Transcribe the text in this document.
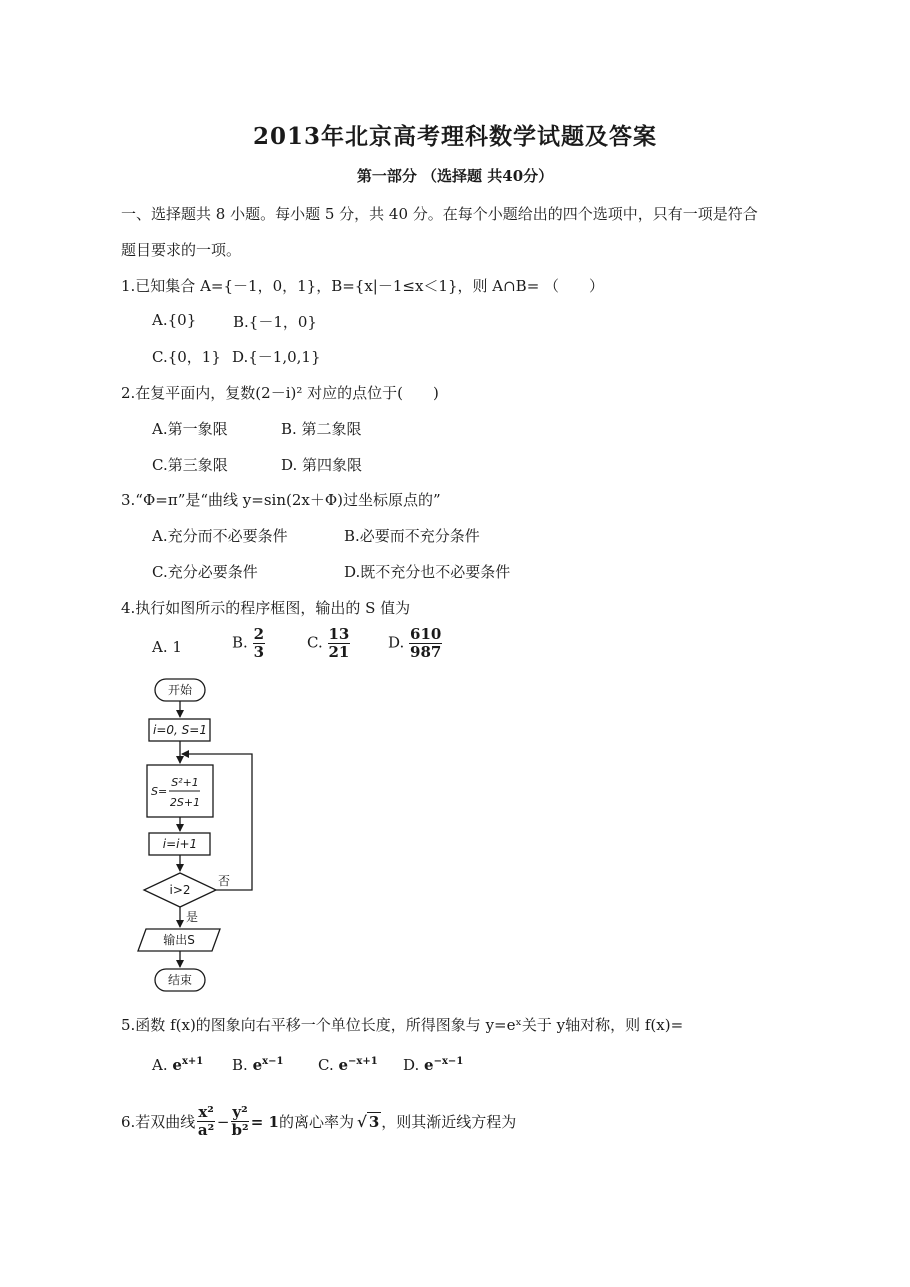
2013年北京高考理科数学试题及答案
第一部分 （选择题 共40分）
一、选择题共 8 小题。每小题 5 分，共 40 分。在每个小题给出的四个选项中，只有一项是符合
题目要求的一项。
1.已知集合 A={－1，0，1}，B={x|－1≤x＜1}，则 A∩B= （　　）
A.{0} B.{－1，0}
C.{0，1} D.{－1,0,1}
2.在复平面内，复数(2－i)² 对应的点位于(　　)
A.第一象限	B. 第二象限
C.第三象限	D. 第四象限
3.“Φ=π”是“曲线 y=sin(2x＋Φ)过坐标原点的”
A.充分而不必要条件	B.必要而不充分条件
C.充分必要条件	D.既不充分也不必要条件
4.执行如图所示的程序框图，输出的 S 值为
A. 1	B. $\frac{2}{3}$	C. $\frac{13}{21}$	D. $\frac{610}{987}$
开始
i=0, S=1
S=
S²+1
2S+1
i=i+1
i>2
否
是
输出S
结束
5.函数 f(x)的图象向右平移一个单位长度，所得图象与 y=eˣ关于 y轴对称，则 f(x)=
A. $e^{x+1}$ B. $e^{x-1}$ C. $e^{-x+1}$ D. $e^{-x-1}$
6.若双曲线 $\frac{\text{x²}}{\text{a²}} - \frac{\text{y²}}{\text{b²}} = 1$ 的离心率为 √ 3 ，则其渐近线方程为
